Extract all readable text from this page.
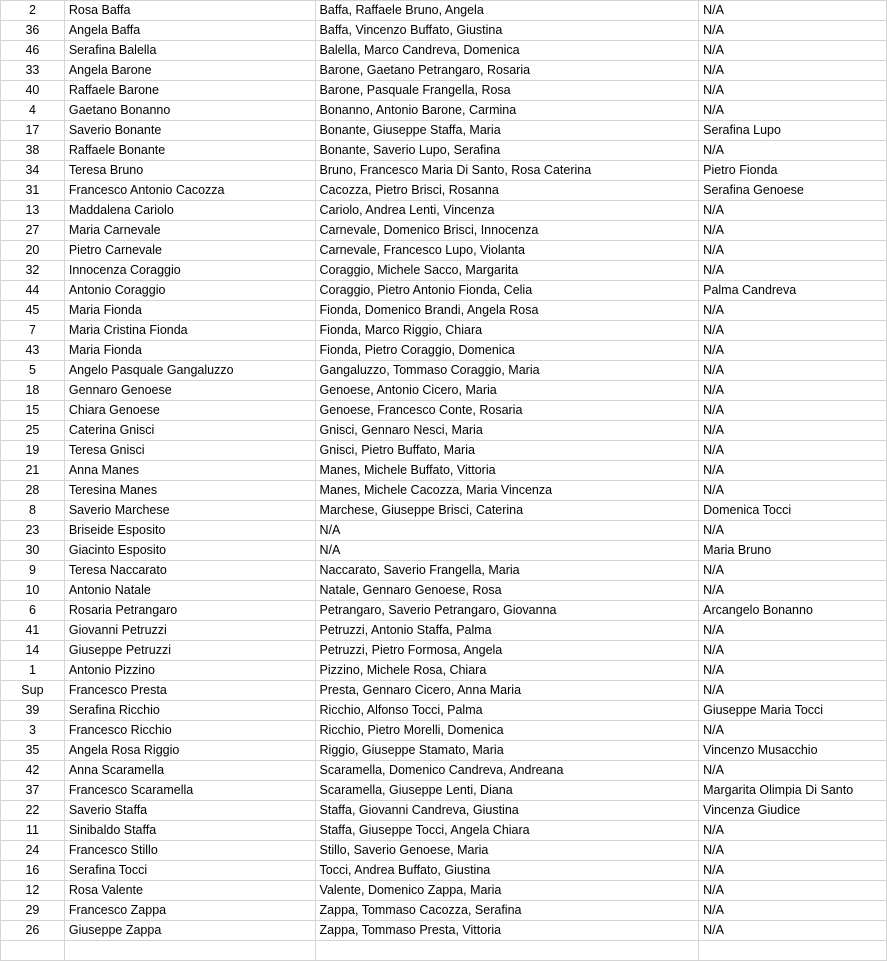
2	Rosa Baffa	Baffa, Raffaele Bruno, Angela	N/A
36	Angela Baffa	Baffa, Vincenzo Buffato, Giustina	N/A
46	Serafina Balella	Balella, Marco Candreva, Domenica	N/A
33	Angela Barone	Barone, Gaetano Petrangaro, Rosaria	N/A
40	Raffaele Barone	Barone, Pasquale Frangella, Rosa	N/A
4	Gaetano Bonanno	Bonanno, Antonio Barone, Carmina	N/A
17	Saverio Bonante	Bonante, Giuseppe Staffa, Maria	Serafina Lupo
38	Raffaele Bonante	Bonante, Saverio Lupo, Serafina	N/A
34	Teresa Bruno	Bruno, Francesco Maria Di Santo, Rosa Caterina	Pietro Fionda
31	Francesco Antonio Cacozza	Cacozza, Pietro Brisci, Rosanna	Serafina Genoese
13	Maddalena Cariolo	Cariolo, Andrea Lenti, Vincenza	N/A
27	Maria Carnevale	Carnevale, Domenico Brisci, Innocenza	N/A
20	Pietro Carnevale	Carnevale, Francesco Lupo, Violanta	N/A
32	Innocenza Coraggio	Coraggio, Michele Sacco, Margarita	N/A
44	Antonio Coraggio	Coraggio, Pietro Antonio Fionda, Celia	Palma Candreva
45	Maria Fionda	Fionda, Domenico Brandi, Angela Rosa	N/A
7	Maria Cristina Fionda	Fionda, Marco Riggio, Chiara	N/A
43	Maria Fionda	Fionda, Pietro Coraggio, Domenica	N/A
5	Angelo Pasquale Gangaluzzo	Gangaluzzo, Tommaso Coraggio, Maria	N/A
18	Gennaro Genoese	Genoese, Antonio Cicero, Maria	N/A
15	Chiara Genoese	Genoese, Francesco Conte, Rosaria	N/A
25	Caterina Gnisci	Gnisci, Gennaro Nesci, Maria	N/A
19	Teresa Gnisci	Gnisci, Pietro Buffato, Maria	N/A
21	Anna Manes	Manes, Michele Buffato, Vittoria	N/A
28	Teresina Manes	Manes, Michele Cacozza, Maria Vincenza	N/A
8	Saverio Marchese	Marchese, Giuseppe Brisci, Caterina	Domenica Tocci
23	Briseide Esposito	N/A	N/A
30	Giacinto Esposito	N/A	Maria Bruno
9	Teresa Naccarato	Naccarato, Saverio Frangella, Maria	N/A
10	Antonio Natale	Natale, Gennaro Genoese, Rosa	N/A
6	Rosaria Petrangaro	Petrangaro, Saverio Petrangaro, Giovanna	Arcangelo Bonanno
41	Giovanni Petruzzi	Petruzzi, Antonio Staffa, Palma	N/A
14	Giuseppe Petruzzi	Petruzzi, Pietro Formosa, Angela	N/A
1	Antonio Pizzino	Pizzino, Michele Rosa, Chiara	N/A
Sup	Francesco Presta	Presta, Gennaro Cicero, Anna Maria	N/A
39	Serafina Ricchio	Ricchio, Alfonso Tocci, Palma	Giuseppe Maria Tocci
3	Francesco Ricchio	Ricchio, Pietro Morelli, Domenica	N/A
35	Angela Rosa Riggio	Riggio, Giuseppe Stamato, Maria	Vincenzo Musacchio
42	Anna Scaramella	Scaramella, Domenico Candreva, Andreana	N/A
37	Francesco Scaramella	Scaramella, Giuseppe Lenti, Diana	Margarita Olimpia Di Santo
22	Saverio Staffa	Staffa, Giovanni Candreva, Giustina	Vincenza Giudice
11	Sinibaldo Staffa	Staffa, Giuseppe Tocci, Angela Chiara	N/A
24	Francesco Stillo	Stillo, Saverio Genoese, Maria	N/A
16	Serafina Tocci	Tocci, Andrea Buffato, Giustina	N/A
12	Rosa Valente	Valente, Domenico Zappa, Maria	N/A
29	Francesco Zappa	Zappa, Tommaso Cacozza, Serafina	N/A
26	Giuseppe Zappa	Zappa, Tommaso Presta, Vittoria	N/A
